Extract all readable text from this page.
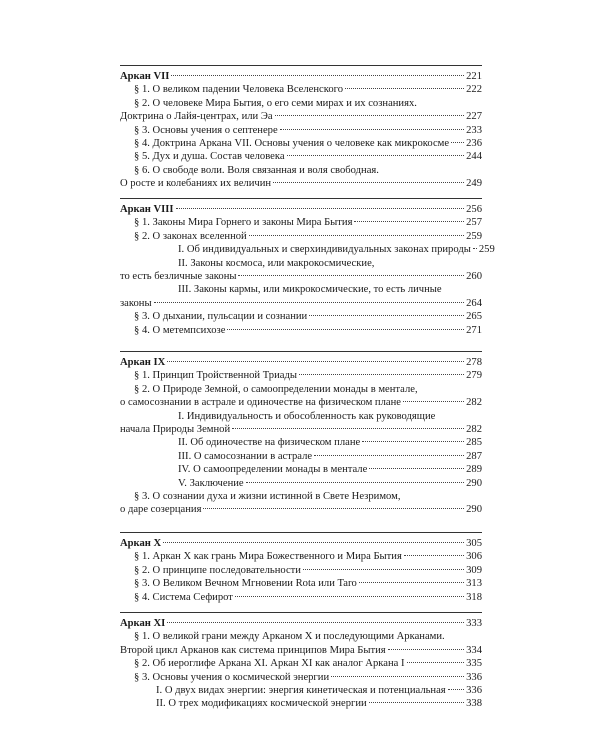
Аркан VII	221
§ 1. О великом падении Человека Вселенского	222
§ 2. О человеке Мира Бытия, о его семи мирах и их сознаниях.
Доктрина о Лайя-центрах, или Эа	227
§ 3. Основы учения о септенере	233
§ 4. Доктрина Аркана VII. Основы учения о человеке как микрокосме 236
§ 5. Дух и душа. Состав человека	244
§ 6. О свободе воли. Воля связанная и воля свободная.
О росте и колебаниях их величин	249
Аркан VIII	256
§ 1. Законы Мира Горнего и законы Мира Бытия	257
§ 2. О законах вселенной	259
I. Об индивидуальных и сверхиндивидуальных законах природы 259
II. Законы космоса, или макрокосмические,
то есть безличные законы	260
III. Законы кармы, или микрокосмические, то есть личные
законы	264
§ 3. О дыхании, пульсации и сознании	265
§ 4. О метемпсихозе	271
Аркан IX	278
§ 1. Принцип Тройственной Триады	279
§ 2. О Природе Земной, о самоопределении монады в ментале,
о самосознании в астрале и одиночестве на физическом плане	282
I. Индивидуальность и обособленность как руководящие
начала Природы Земной	282
II. Об одиночестве на физическом плане	285
III. О самосознании в астрале	287
IV. О самоопределении монады в ментале	289
V. Заключение	290
§ 3. О сознании духа и жизни истинной в Свете Незримом,
о даре созерцания	290
Аркан X	305
§ 1. Аркан X как грань Мира Божественного и Мира Бытия	306
§ 2. О принципе последовательности	309
§ 3. О Великом Вечном Мгновении Rota или Taro	313
§ 4. Система Сефирот	318
Аркан XI	333
§ 1. О великой грани между Арканом X и последующими Арканами.
Второй цикл Арканов как система принципов Мира Бытия	334
§ 2. Об иероглифе Аркана XI. Аркан XI как аналог Аркана I	335
§ 3. Основы учения о космической энергии	336
I. О двух видах энергии: энергия кинетическая и потенциальная 336
II. О трех модификациях космической энергии	338
